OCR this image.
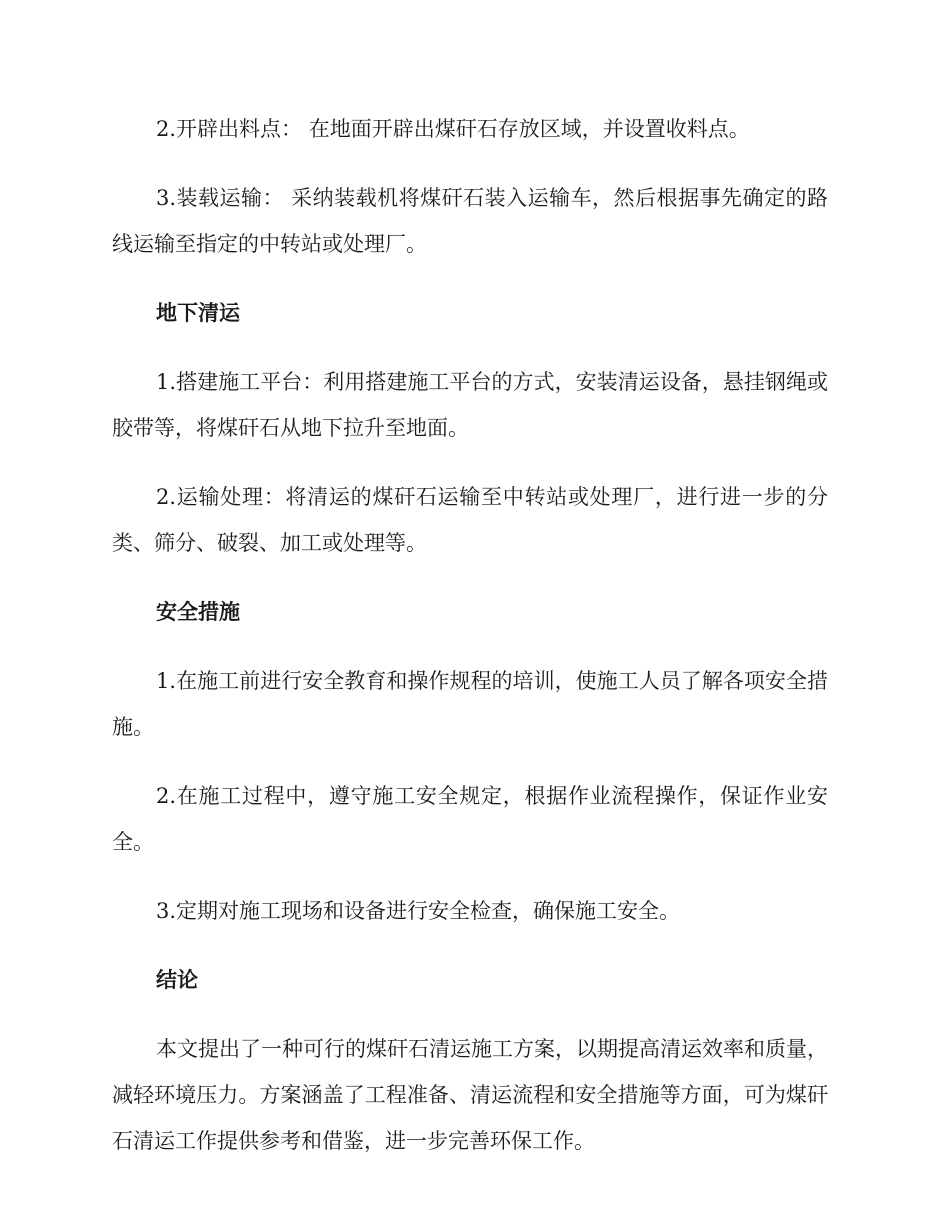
2.开辟出料点： 在地面开辟出煤矸石存放区域，并设置收料点。

3.装载运输： 采纳装载机将煤矸石装入运输车，然后根据事先确定的路线运输至指定的中转站或处理厂。

地下清运

1.搭建施工平台：利用搭建施工平台的方式，安装清运设备，悬挂钢绳或胶带等，将煤矸石从地下拉升至地面。

2.运输处理：将清运的煤矸石运输至中转站或处理厂，进行进一步的分类、筛分、破裂、加工或处理等。

安全措施

1.在施工前进行安全教育和操作规程的培训，使施工人员了解各项安全措施。

2.在施工过程中，遵守施工安全规定，根据作业流程操作，保证作业安全。

3.定期对施工现场和设备进行安全检查，确保施工安全。

结论

本文提出了一种可行的煤矸石清运施工方案，以期提高清运效率和质量，减轻环境压力。方案涵盖了工程准备、清运流程和安全措施等方面，可为煤矸石清运工作提供参考和借鉴，进一步完善环保工作。
